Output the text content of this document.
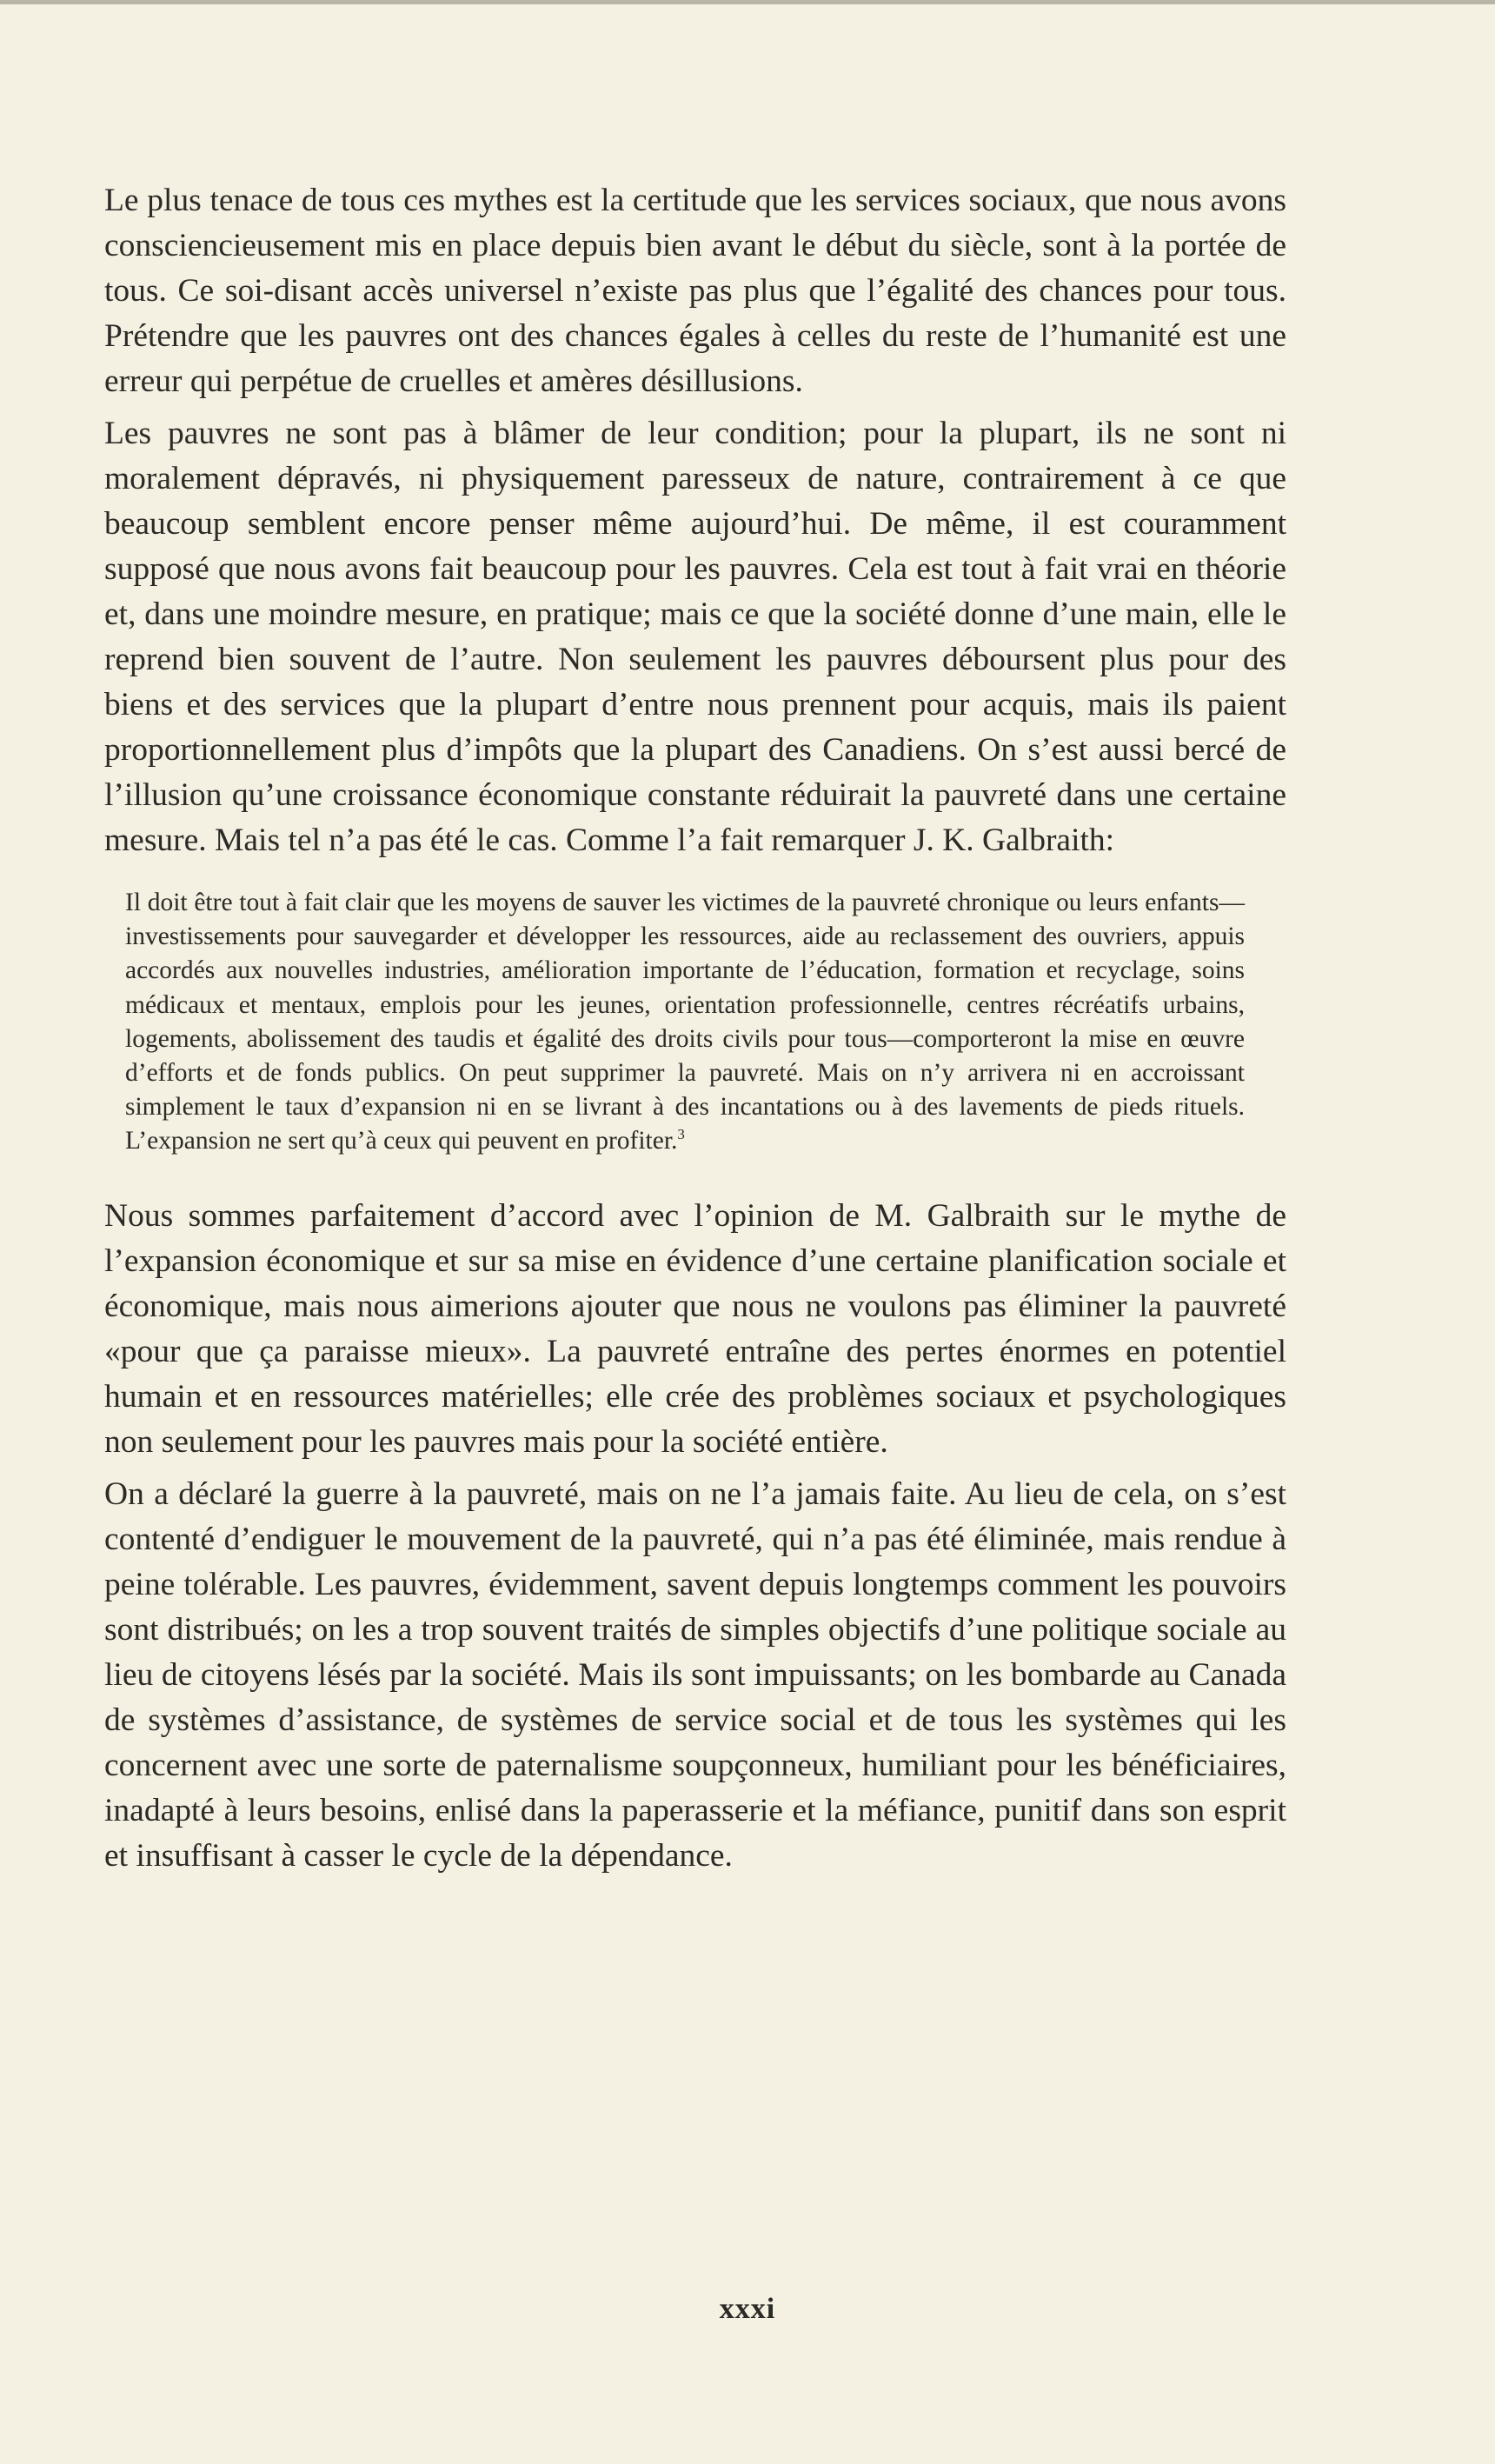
Le plus tenace de tous ces mythes est la certitude que les services sociaux, que nous avons consciencieusement mis en place depuis bien avant le début du siècle, sont à la portée de tous. Ce soi-disant accès universel n’existe pas plus que l’égalité des chances pour tous. Prétendre que les pauvres ont des chances égales à celles du reste de l’humanité est une erreur qui perpétue de cruelles et amères désillusions.

Les pauvres ne sont pas à blâmer de leur condition; pour la plupart, ils ne sont ni moralement dépravés, ni physiquement paresseux de nature, contrairement à ce que beaucoup semblent encore penser même aujourd’hui. De même, il est couramment supposé que nous avons fait beaucoup pour les pauvres. Cela est tout à fait vrai en théorie et, dans une moindre mesure, en pratique; mais ce que la société donne d’une main, elle le reprend bien souvent de l’autre. Non seulement les pauvres déboursent plus pour des biens et des services que la plupart d’entre nous prennent pour acquis, mais ils paient proportionnellement plus d’impôts que la plupart des Canadiens. On s’est aussi bercé de l’illusion qu’une croissance économique constante réduirait la pauvreté dans une certaine mesure. Mais tel n’a pas été le cas. Comme l’a fait remarquer J. K. Galbraith:

Il doit être tout à fait clair que les moyens de sauver les victimes de la pauvreté chronique ou leurs enfants—investissements pour sauvegarder et développer les ressources, aide au reclassement des ouvriers, appuis accordés aux nouvelles industries, amélioration importante de l’éducation, formation et recyclage, soins médicaux et mentaux, emplois pour les jeunes, orientation professionnelle, centres récréatifs urbains, logements, abolissement des taudis et égalité des droits civils pour tous—comporteront la mise en œuvre d’efforts et de fonds publics. On peut supprimer la pauvreté. Mais on n’y arrivera ni en accroissant simplement le taux d’expansion ni en se livrant à des incantations ou à des lavements de pieds rituels. L’expansion ne sert qu’à ceux qui peuvent en profiter.$^3$

Nous sommes parfaitement d’accord avec l’opinion de M. Galbraith sur le mythe de l’expansion économique et sur sa mise en évidence d’une certaine planification sociale et économique, mais nous aimerions ajouter que nous ne voulons pas éliminer la pauvreté «pour que ça paraisse mieux». La pauvreté entraîne des pertes énormes en potentiel humain et en ressources matérielles; elle crée des problèmes sociaux et psychologiques non seulement pour les pauvres mais pour la société entière.

On a déclaré la guerre à la pauvreté, mais on ne l’a jamais faite. Au lieu de cela, on s’est contenté d’endiguer le mouvement de la pauvreté, qui n’a pas été éliminée, mais rendue à peine tolérable. Les pauvres, évidemment, savent depuis longtemps comment les pouvoirs sont distribués; on les a trop souvent traités de simples objectifs d’une politique sociale au lieu de citoyens lésés par la société. Mais ils sont impuissants; on les bombarde au Canada de systèmes d’assistance, de systèmes de service social et de tous les systèmes qui les concernent avec une sorte de paternalisme soupçonneux, humiliant pour les bénéficiaires, inadapté à leurs besoins, enlisé dans la paperasserie et la méfiance, punitif dans son esprit et insuffisant à casser le cycle de la dépendance.

xxxi
